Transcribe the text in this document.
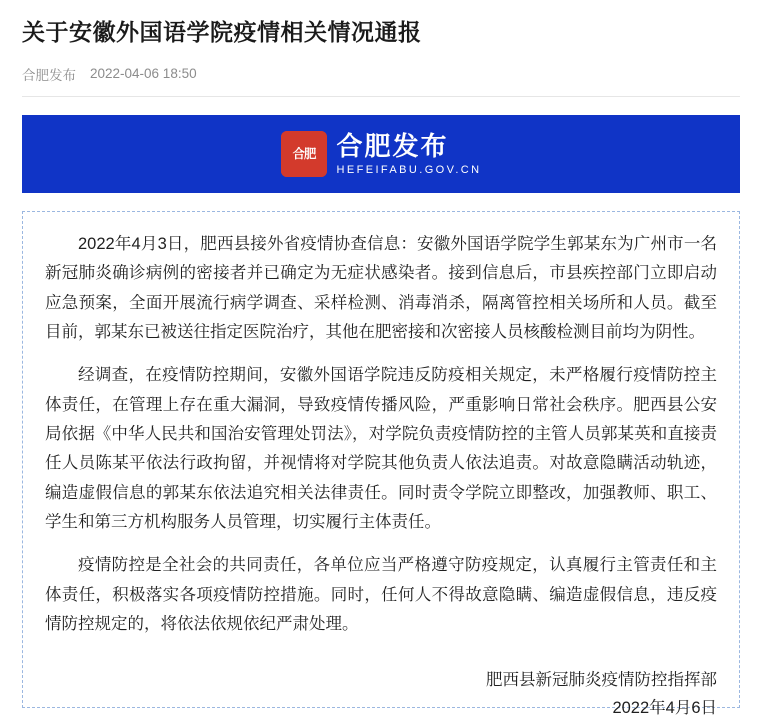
关于安徽外国语学院疫情相关情况通报
合肥发布 2022-04-06 18:50
合肥 合肥发布
HEFEIFABU.GOV.CN

2022年4月3日，肥西县接外省疫情协查信息：安徽外国语学院学生郭某东为广州市一名新冠肺炎确诊病例的密接者并已确定为无症状感染者。接到信息后，市县疾控部门立即启动应急预案，全面开展流行病学调查、采样检测、消毒消杀，隔离管控相关场所和人员。截至目前，郭某东已被送往指定医院治疗，其他在肥密接和次密接人员核酸检测目前均为阴性。

经调查，在疫情防控期间，安徽外国语学院违反防疫相关规定，未严格履行疫情防控主体责任，在管理上存在重大漏洞，导致疫情传播风险，严重影响日常社会秩序。肥西县公安局依据《中华人民共和国治安管理处罚法》，对学院负责疫情防控的主管人员郭某英和直接责任人员陈某平依法行政拘留，并视情将对学院其他负责人依法追责。对故意隐瞒活动轨迹，编造虚假信息的郭某东依法追究相关法律责任。同时责令学院立即整改，加强教师、职工、学生和第三方机构服务人员管理，切实履行主体责任。

疫情防控是全社会的共同责任，各单位应当严格遵守防疫规定，认真履行主管责任和主体责任，积极落实各项疫情防控措施。同时，任何人不得故意隐瞒、编造虚假信息，违反疫情防控规定的，将依法依规依纪严肃处理。

肥西县新冠肺炎疫情防控指挥部
2022年4月6日
